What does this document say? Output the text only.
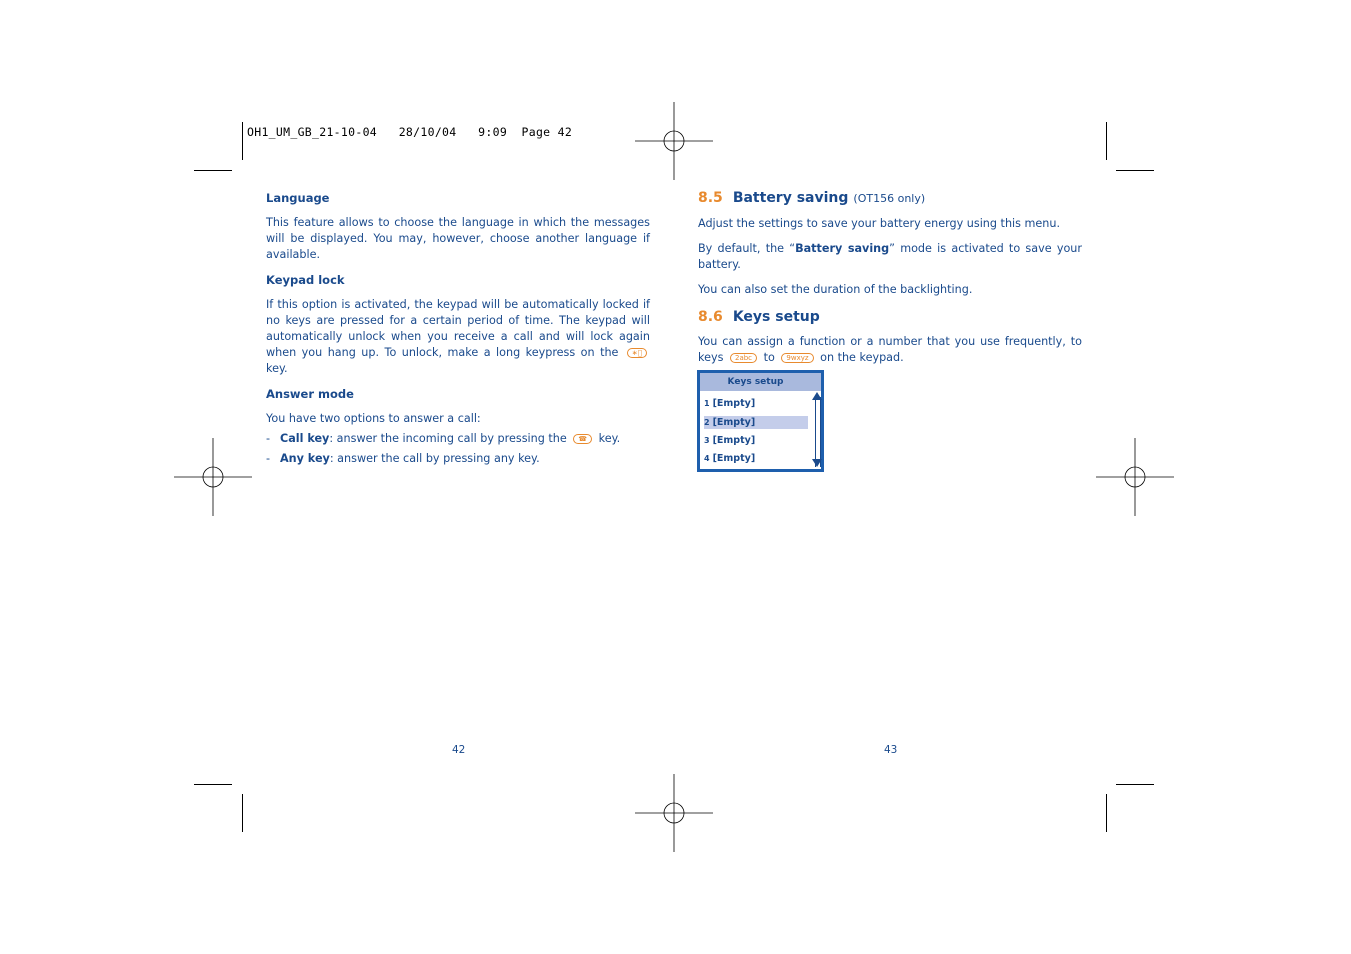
OH1_UM_GB_21-10-04   28/10/04   9:09  Page 42
Language

This feature allows to choose the language in which the messages will be displayed. You may, however, choose another language if available.

Keypad lock

If this option is activated, the keypad will be automatically locked if no keys are pressed for a certain period of time. The keypad will automatically unlock when you receive a call and will lock again when you hang up. To unlock, make a long keypress on the ∗⃝ key.

Answer mode

You have two options to answer a call:

- Call key: answer the incoming call by pressing the ☎ key.
- Any key: answer the call by pressing any key.
8.5 Battery saving (OT156 only)

Adjust the settings to save your battery energy using this menu.

By default, the “Battery saving” mode is activated to save your battery.

You can also set the duration of the backlighting.

8.6 Keys setup

You can assign a function or a number that you use frequently, to keys 2abc to 9wxyz on the keypad.

Keys setup
1 [Empty]
2 [Empty]
3 [Empty]
4 [Empty]
42	43
